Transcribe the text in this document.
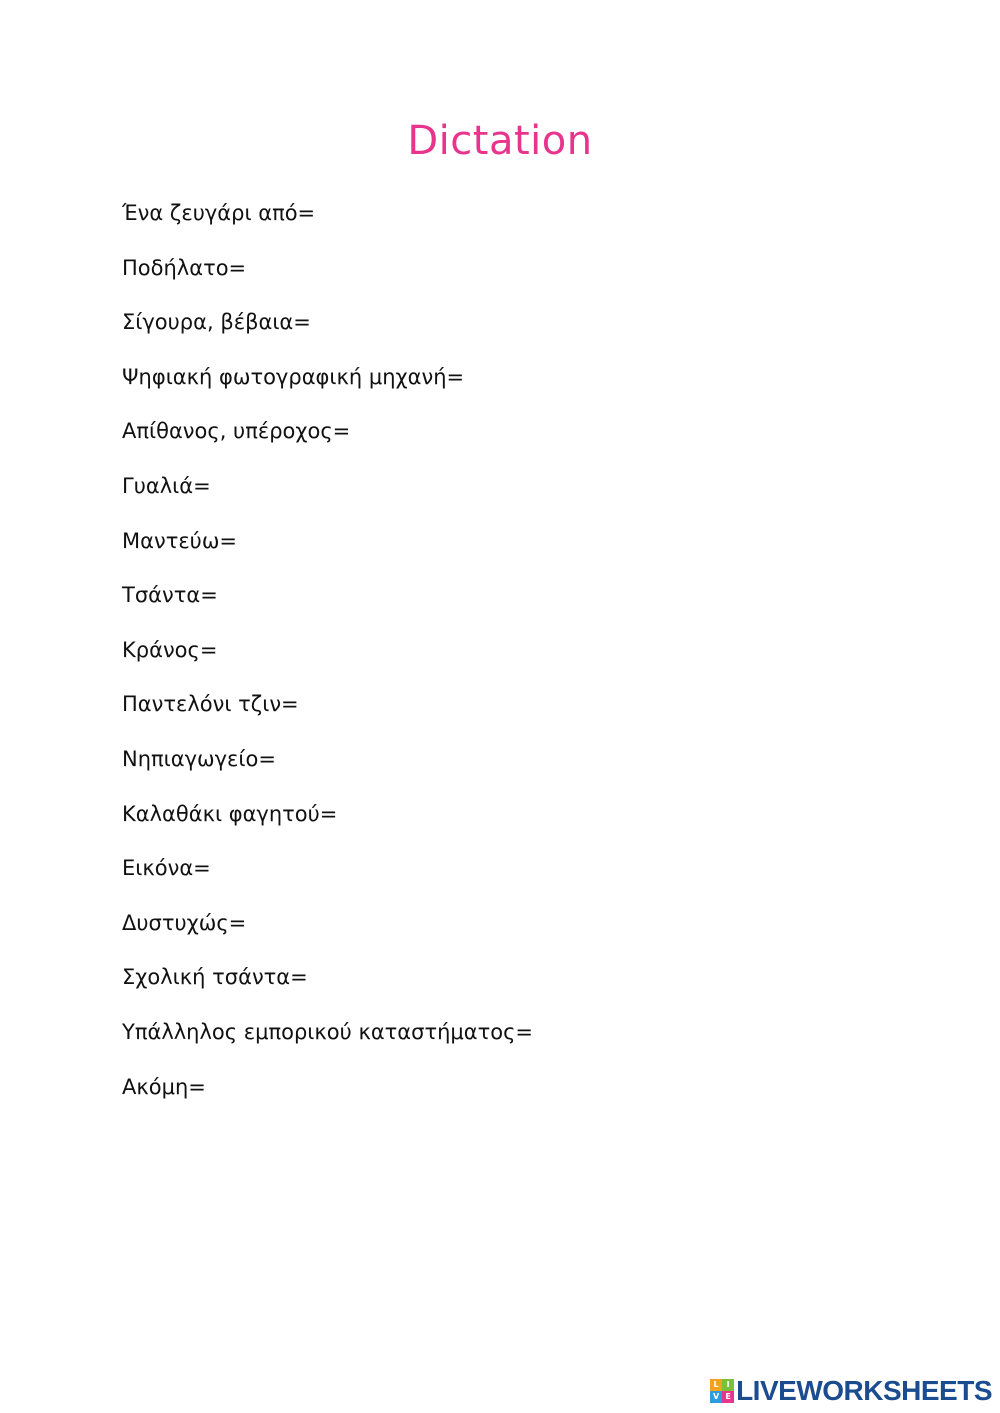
Dictation
Ένα ζευγάρι από=
Ποδήλατο=
Σίγουρα, βέβαια=
Ψηφιακή φωτογραφική μηχανή=
Απίθανος, υπέροχος=
Γυαλιά=
Μαντεύω=
Τσάντα=
Κράνος=
Παντελόνι τζιν=
Νηπιαγωγείο=
Καλαθάκι φαγητού=
Εικόνα=
Δυστυχώς=
Σχολική τσάντα=
Υπάλληλος εμπορικού καταστήματος=
Ακόμη=
L I
V E LIVEWORKSHEETS
